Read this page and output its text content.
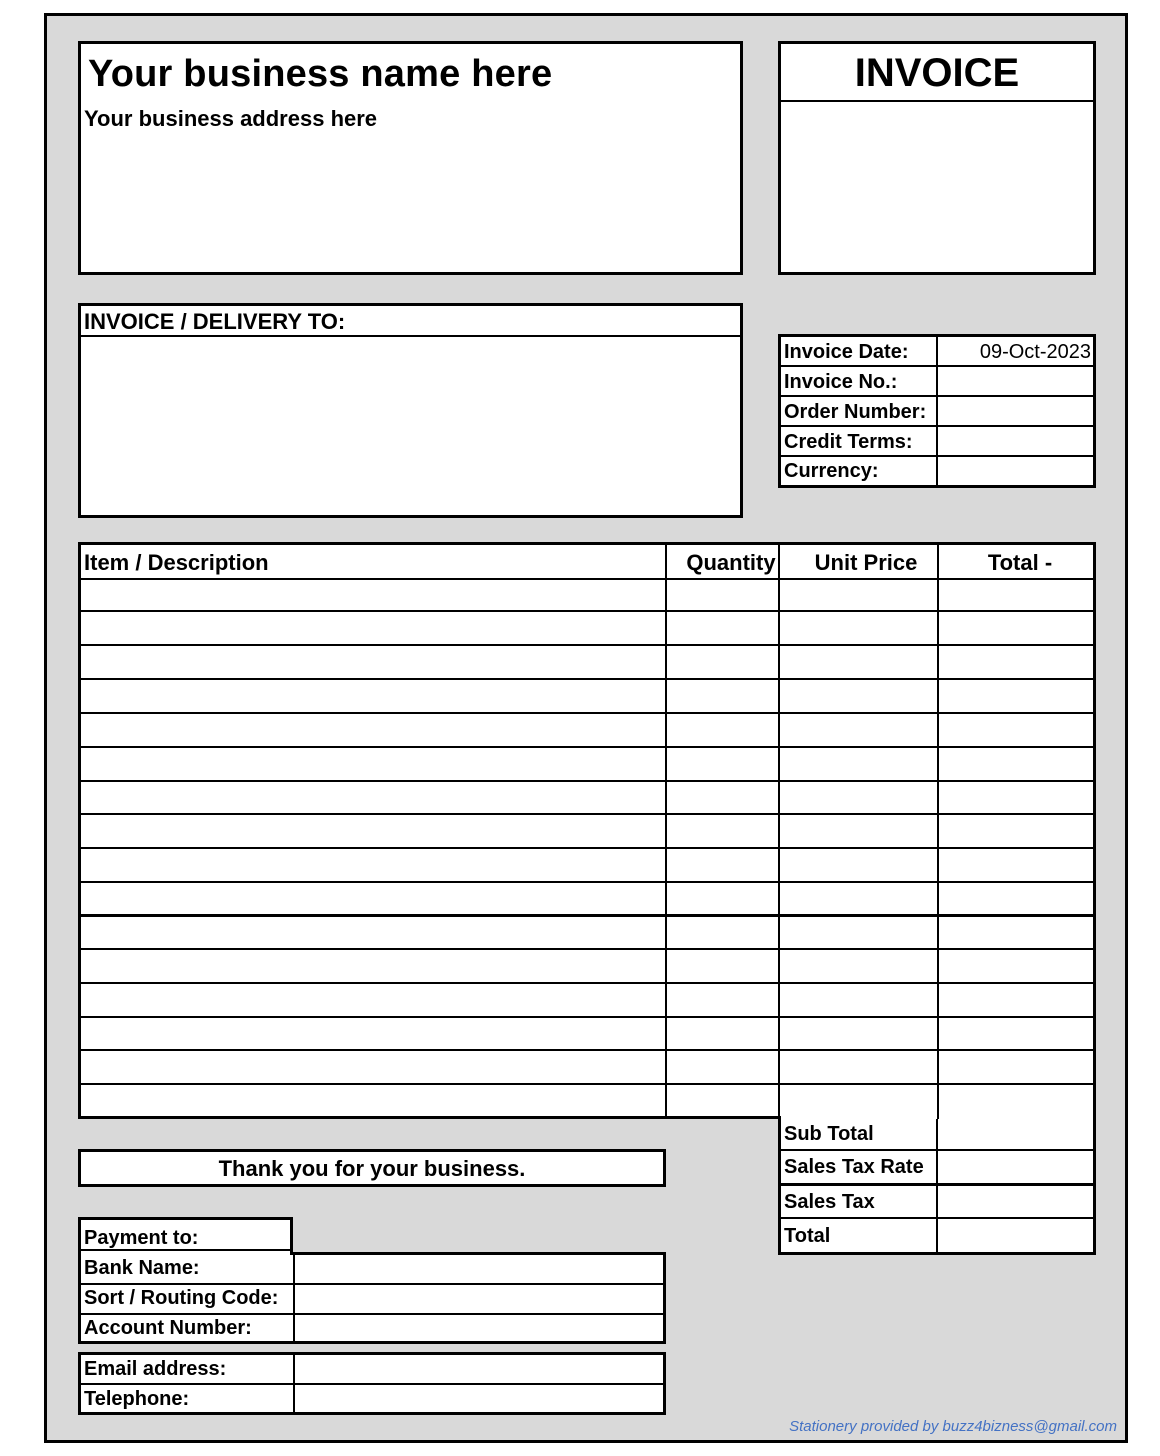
Your business name here
Your business address here
INVOICE
INVOICE / DELIVERY TO:
Invoice Date:	09-Oct-2023
Invoice No.:
Order Number:
Credit Terms:
Currency:
Item / Description	Quantity	Unit Price	Total -
Sub Total
Sales Tax Rate
Sales Tax
Total
Thank you for your business.
Payment to:
Bank Name:
Sort / Routing Code:
Account Number:
Email address:
Telephone:
Stationery provided by buzz4bizness@gmail.com
